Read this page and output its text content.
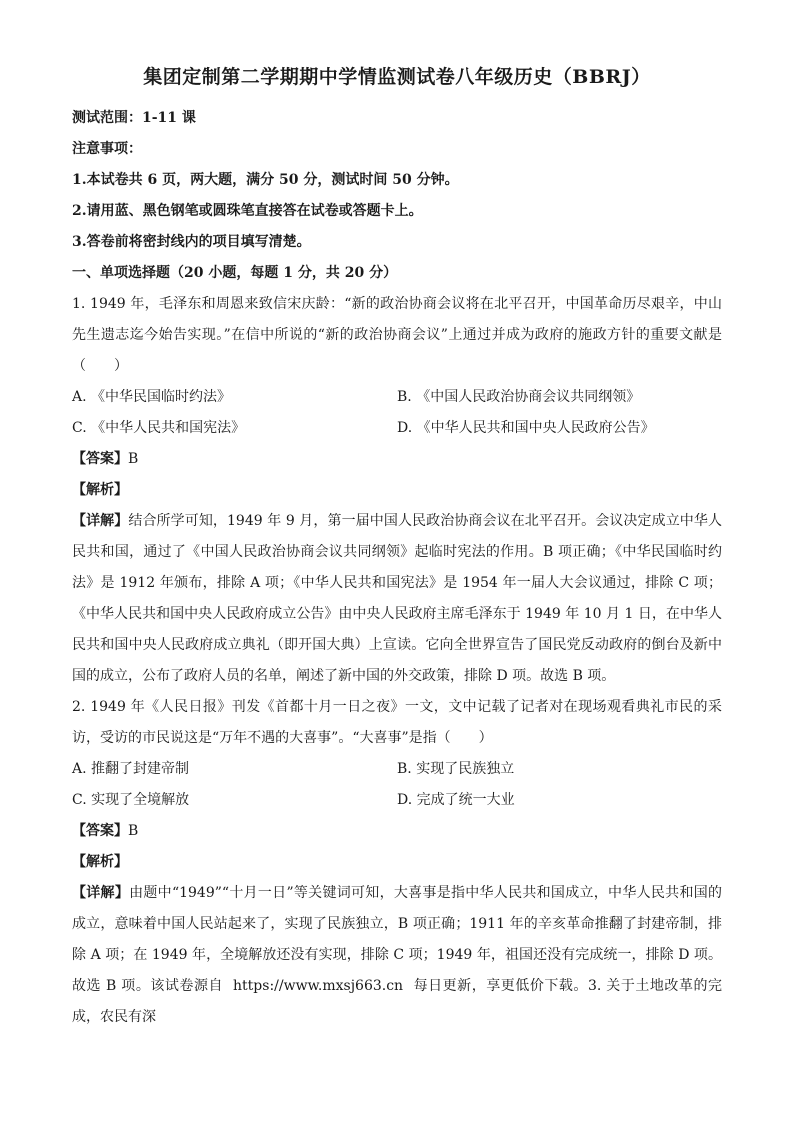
集团定制第二学期期中学情监测试卷八年级历史（BBRJ）
测试范围：1-11 课
注意事项：
1.本试卷共 6 页，两大题，满分 50 分，测试时间 50 分钟。
2.请用蓝、黑色钢笔或圆珠笔直接答在试卷或答题卡上。
3.答卷前将密封线内的项目填写清楚。
一、单项选择题（20 小题，每题 1 分，共 20 分）
1. 1949 年，毛泽东和周恩来致信宋庆龄：“新的政治协商会议将在北平召开，中国革命历尽艰辛，中山先生遗志迄今始告实现。”在信中所说的“新的政治协商会议”上通过并成为政府的施政方针的重要文献是（　　）
A. 《中华民国临时约法》	B. 《中国人民政治协商会议共同纲领》
C. 《中华人民共和国宪法》	D. 《中华人民共和国中央人民政府公告》
【答案】B
【解析】
【详解】结合所学可知，1949 年 9 月，第一届中国人民政治协商会议在北平召开。会议决定成立中华人民共和国，通过了《中国人民政治协商会议共同纲领》起临时宪法的作用。B 项正确；《中华民国临时约法》是 1912 年颁布，排除 A 项；《中华人民共和国宪法》是 1954 年一届人大会议通过，排除 C 项；《中华人民共和国中央人民政府成立公告》由中央人民政府主席毛泽东于 1949 年 10 月 1 日，在中华人民共和国中央人民政府成立典礼（即开国大典）上宣读。它向全世界宣告了国民党反动政府的倒台及新中国的成立，公布了政府人员的名单，阐述了新中国的外交政策，排除 D 项。故选 B 项。
2. 1949 年《人民日报》刊发《首都十月一日之夜》一文，文中记载了记者对在现场观看典礼市民的采访，受访的市民说这是“万年不遇的大喜事”。“大喜事”是指（　　）
A. 推翻了封建帝制	B. 实现了民族独立
C. 实现了全境解放	D. 完成了统一大业
【答案】B
【解析】
【详解】由题中“1949”“十月一日”等关键词可知，大喜事是指中华人民共和国成立，中华人民共和国的成立，意味着中国人民站起来了，实现了民族独立，B 项正确；1911 年的辛亥革命推翻了封建帝制，排除 A 项；在 1949 年，全境解放还没有实现，排除 C 项；1949 年，祖国还没有完成统一，排除 D 项。故选 B 项。该试卷源自 https://www.mxsj663.cn 每日更新，享更低价下载。3. 关于土地改革的完成，农民有深
